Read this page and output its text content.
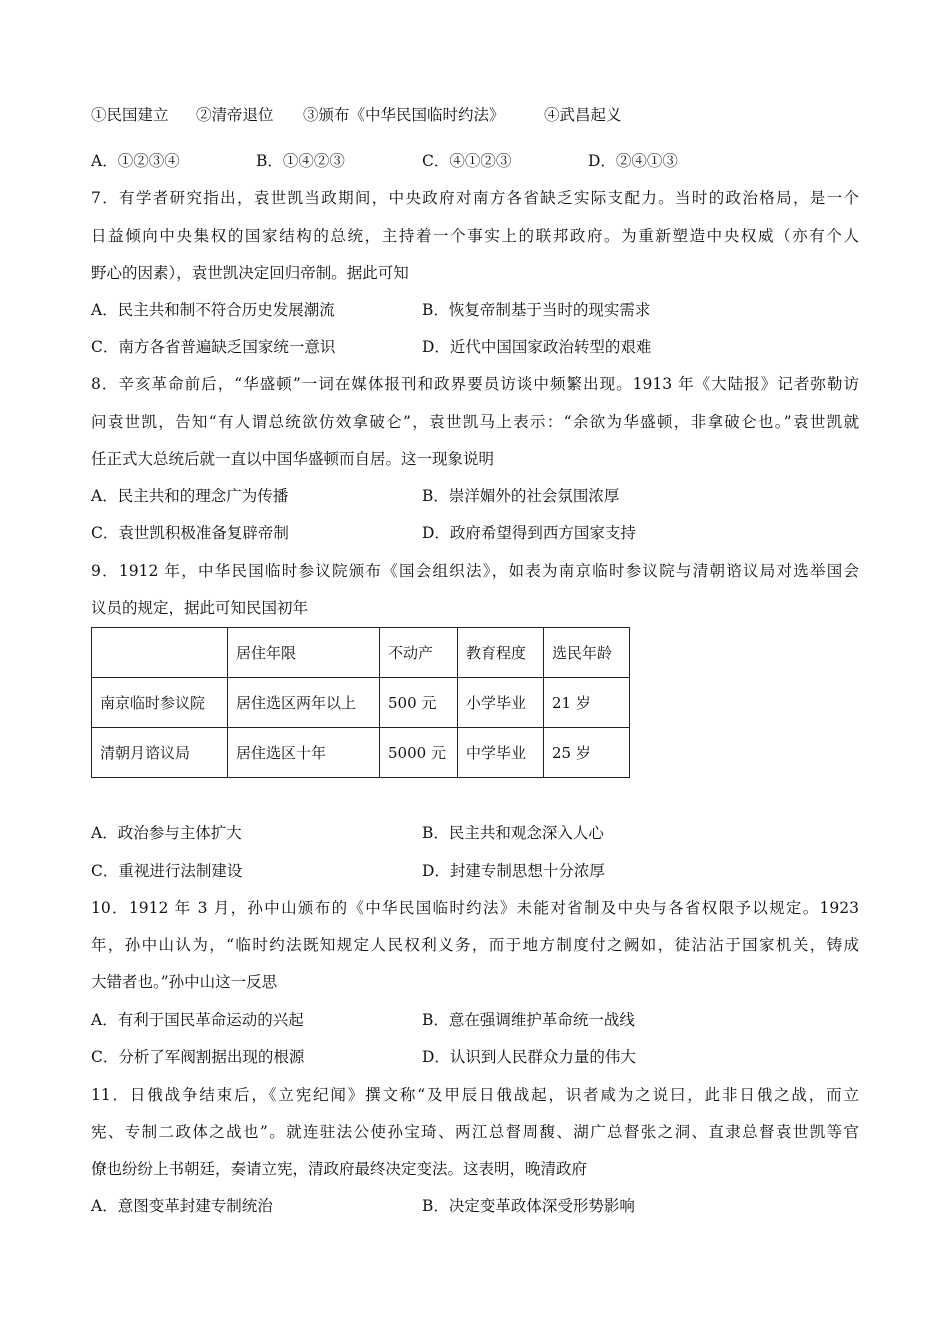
①民国建立 ②清帝退位 ③颁布《中华民国临时约法》	④武昌起义
A．①②③④	B．①④②③	C．④①②③	D．②④①③
7．有学者研究指出，袁世凯当政期间，中央政府对南方各省缺乏实际支配力。当时的政治格局，是一个
日益倾向中央集权的国家结构的总统，主持着一个事实上的联邦政府。为重新塑造中央权威（亦有个人
野心的因素），袁世凯决定回归帝制。据此可知
A．民主共和制不符合历史发展潮流	B．恢复帝制基于当时的现实需求
C．南方各省普遍缺乏国家统一意识	D．近代中国国家政治转型的艰难
8．辛亥革命前后，“华盛顿”一词在媒体报刊和政界要员访谈中频繁出现。1913 年《大陆报》记者弥勒访
问袁世凯，告知“有人谓总统欲仿效拿破仑”，袁世凯马上表示：“余欲为华盛顿，非拿破仑也。”袁世凯就
任正式大总统后就一直以中国华盛顿而自居。这一现象说明
A．民主共和的理念广为传播	B．崇洋媚外的社会氛围浓厚
C．袁世凯积极准备复辟帝制	D．政府希望得到西方国家支持
9．1912 年，中华民国临时参议院颁布《国会组织法》，如表为南京临时参议院与清朝谘议局对选举国会
议员的规定，据此可知民国初年
	居住年限	不动产	教育程度	选民年龄
南京临时参议院	居住选区两年以上	500 元	小学毕业	21 岁
清朝月谘议局	居住选区十年	5000 元	中学毕业	25 岁
A．政治参与主体扩大	B．民主共和观念深入人心
C．重视进行法制建设	D．封建专制思想十分浓厚
10．1912 年 3 月，孙中山颁布的《中华民国临时约法》未能对省制及中央与各省权限予以规定。1923
年，孙中山认为，“临时约法既知规定人民权利义务，而于地方制度付之阙如，徒沾沾于国家机关，铸成
大错者也。”孙中山这一反思
A．有利于国民革命运动的兴起	B．意在强调维护革命统一战线
C．分析了军阀割据出现的根源	D．认识到人民群众力量的伟大
11．日俄战争结束后，《立宪纪闻》撰文称“及甲辰日俄战起，识者咸为之说曰，此非日俄之战，而立
宪、专制二政体之战也”。就连驻法公使孙宝琦、两江总督周馥、湖广总督张之洞、直隶总督袁世凯等官
僚也纷纷上书朝廷，奏请立宪，清政府最终决定变法。这表明，晚清政府
A．意图变革封建专制统治	B．决定变革政体深受形势影响
